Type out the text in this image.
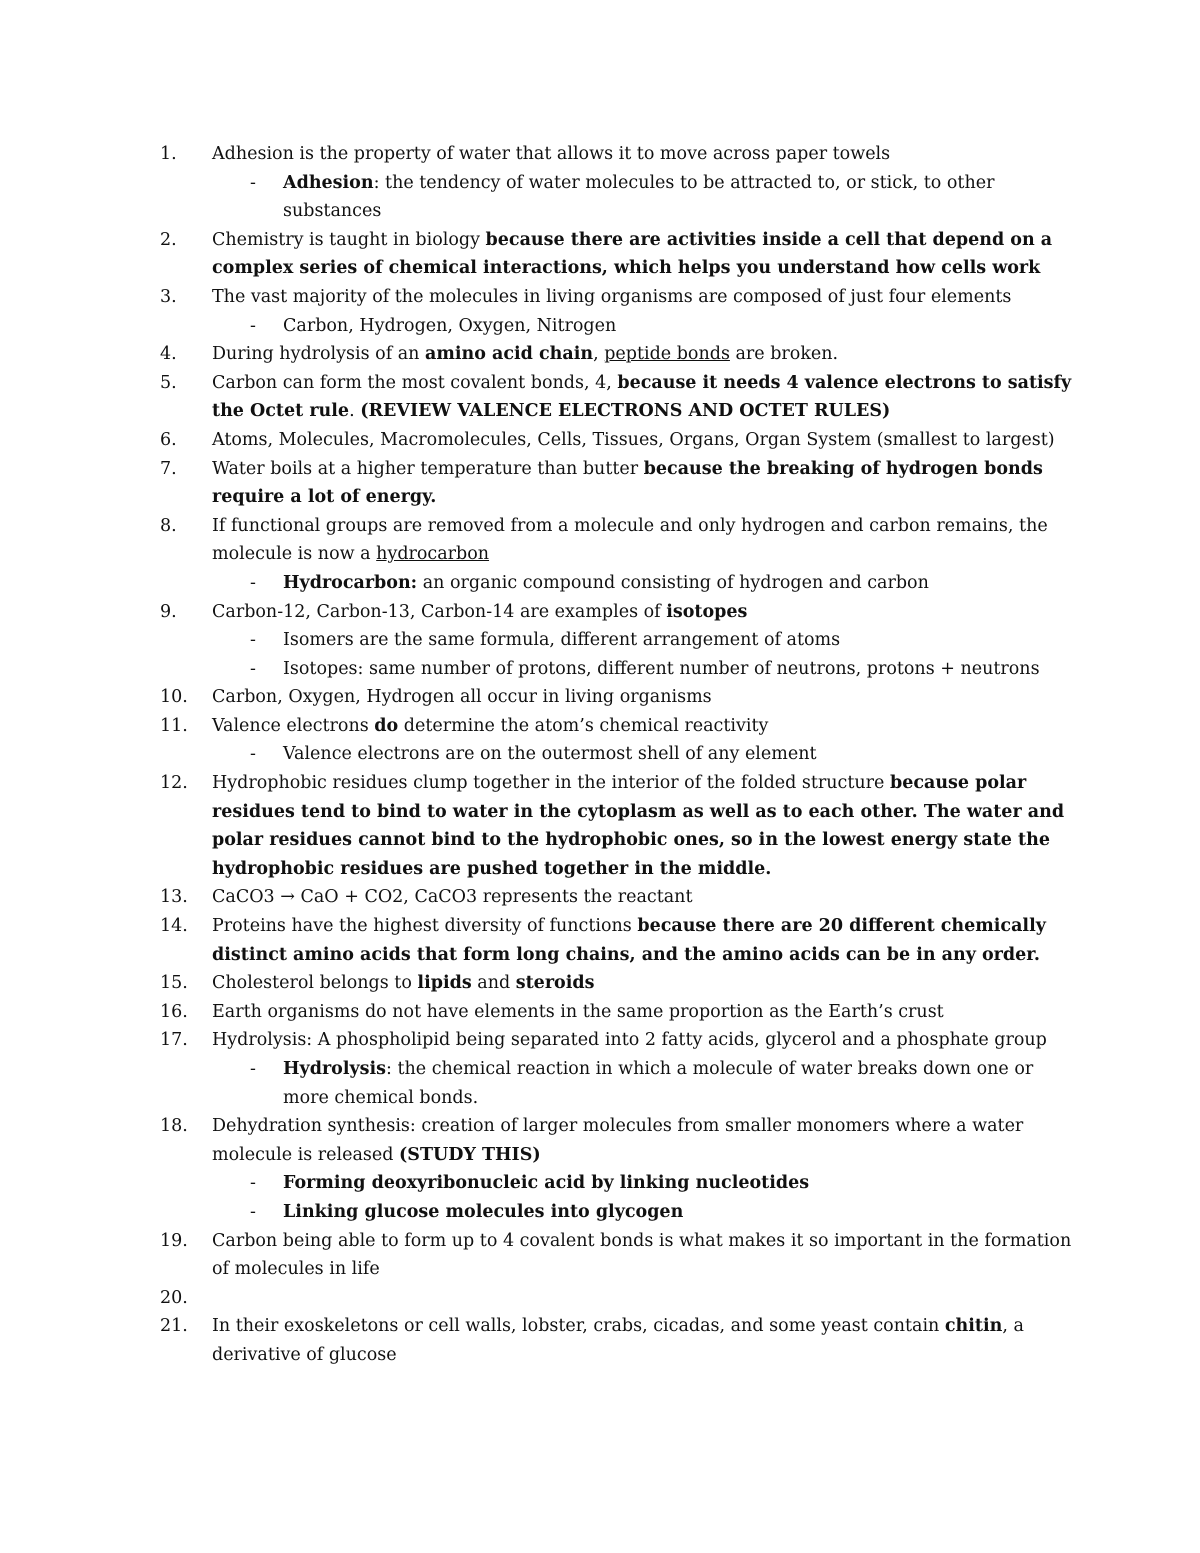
1.	Adhesion is the property of water that allows it to move across paper towels
- Adhesion: the tendency of water molecules to be attracted to, or stick, to other substances
2.	Chemistry is taught in biology because there are activities inside a cell that depend on a complex series of chemical interactions, which helps you understand how cells work
3.	The vast majority of the molecules in living organisms are composed of just four elements
- Carbon, Hydrogen, Oxygen, Nitrogen
4.	During hydrolysis of an amino acid chain, peptide bonds are broken.
5.	Carbon can form the most covalent bonds, 4, because it needs 4 valence electrons to satisfy the Octet rule. (REVIEW VALENCE ELECTRONS AND OCTET RULES)
6.	Atoms, Molecules, Macromolecules, Cells, Tissues, Organs, Organ System (smallest to largest)
7.	Water boils at a higher temperature than butter because the breaking of hydrogen bonds require a lot of energy.
8.	If functional groups are removed from a molecule and only hydrogen and carbon remains, the molecule is now a hydrocarbon
- Hydrocarbon: an organic compound consisting of hydrogen and carbon
9.	Carbon-12, Carbon-13, Carbon-14 are examples of isotopes
- Isomers are the same formula, different arrangement of atoms
- Isotopes: same number of protons, different number of neutrons, protons + neutrons
10.	Carbon, Oxygen, Hydrogen all occur in living organisms
11.	Valence electrons do determine the atom’s chemical reactivity
- Valence electrons are on the outermost shell of any element
12.	Hydrophobic residues clump together in the interior of the folded structure because polar residues tend to bind to water in the cytoplasm as well as to each other. The water and polar residues cannot bind to the hydrophobic ones, so in the lowest energy state the hydrophobic residues are pushed together in the middle.
13.	CaCO3 → CaO + CO2, CaCO3 represents the reactant
14.	Proteins have the highest diversity of functions because there are 20 different chemically distinct amino acids that form long chains, and the amino acids can be in any order.
15.	Cholesterol belongs to lipids and steroids
16.	Earth organisms do not have elements in the same proportion as the Earth’s crust
17.	Hydrolysis: A phospholipid being separated into 2 fatty acids, glycerol and a phosphate group
- Hydrolysis: the chemical reaction in which a molecule of water breaks down one or more chemical bonds.
18.	Dehydration synthesis: creation of larger molecules from smaller monomers where a water molecule is released (STUDY THIS)
- Forming deoxyribonucleic acid by linking nucleotides
- Linking glucose molecules into glycogen
19.	Carbon being able to form up to 4 covalent bonds is what makes it so important in the formation of molecules in life
20.

21.	In their exoskeletons or cell walls, lobster, crabs, cicadas, and some yeast contain chitin, a derivative of glucose
